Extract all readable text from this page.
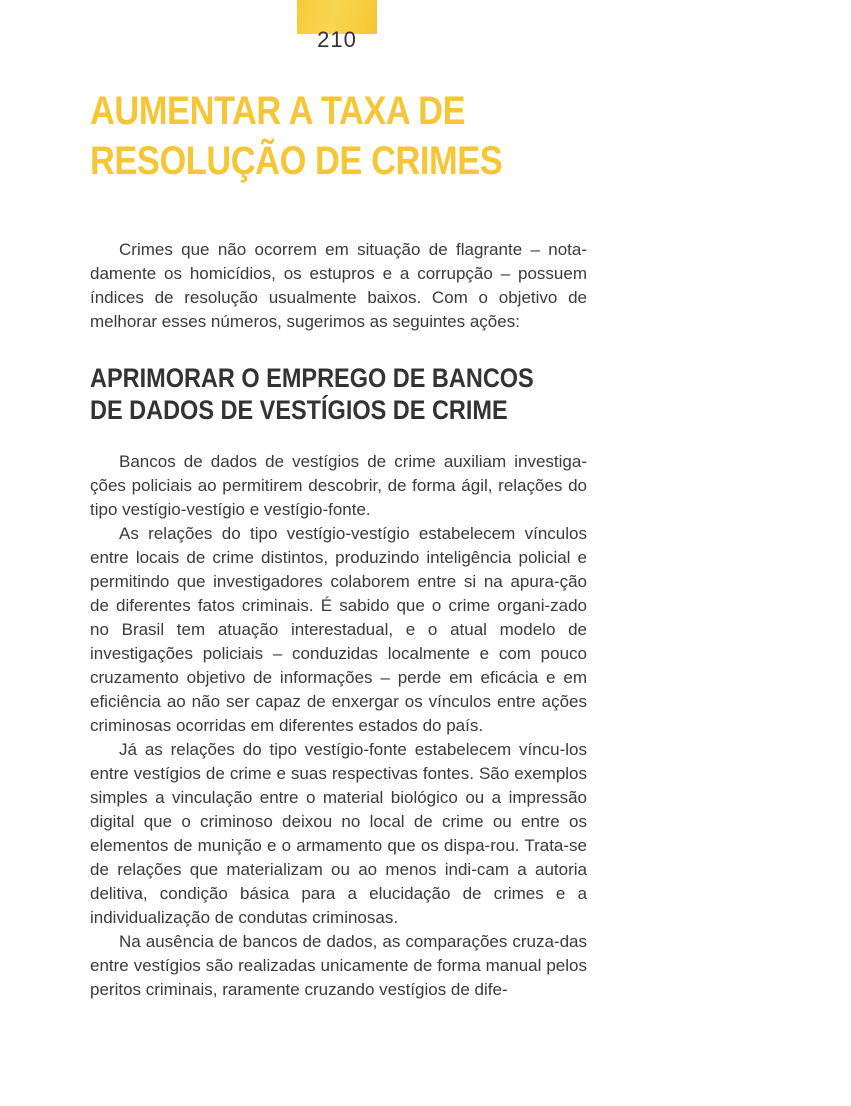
210
AUMENTAR A TAXA DE
RESOLUÇÃO DE CRIMES

Crimes que não ocorrem em situação de flagrante – nota-damente os homicídios, os estupros e a corrupção – possuem índices de resolução usualmente baixos. Com o objetivo de melhorar esses números, sugerimos as seguintes ações:

APRIMORAR O EMPREGO DE BANCOS
DE DADOS DE VESTÍGIOS DE CRIME

Bancos de dados de vestígios de crime auxiliam investiga-ções policiais ao permitirem descobrir, de forma ágil, relações do tipo vestígio-vestígio e vestígio-fonte.

As relações do tipo vestígio-vestígio estabelecem vínculos entre locais de crime distintos, produzindo inteligência policial e permitindo que investigadores colaborem entre si na apura-ção de diferentes fatos criminais. É sabido que o crime organi-zado no Brasil tem atuação interestadual, e o atual modelo de investigações policiais – conduzidas localmente e com pouco cruzamento objetivo de informações – perde em eficácia e em eficiência ao não ser capaz de enxergar os vínculos entre ações criminosas ocorridas em diferentes estados do país.

Já as relações do tipo vestígio-fonte estabelecem víncu-los entre vestígios de crime e suas respectivas fontes. São exemplos simples a vinculação entre o material biológico ou a impressão digital que o criminoso deixou no local de crime ou entre os elementos de munição e o armamento que os dispa-rou. Trata-se de relações que materializam ou ao menos indi-cam a autoria delitiva, condição básica para a elucidação de crimes e a individualização de condutas criminosas.

Na ausência de bancos de dados, as comparações cruza-das entre vestígios são realizadas unicamente de forma manual pelos peritos criminais, raramente cruzando vestígios de dife-
